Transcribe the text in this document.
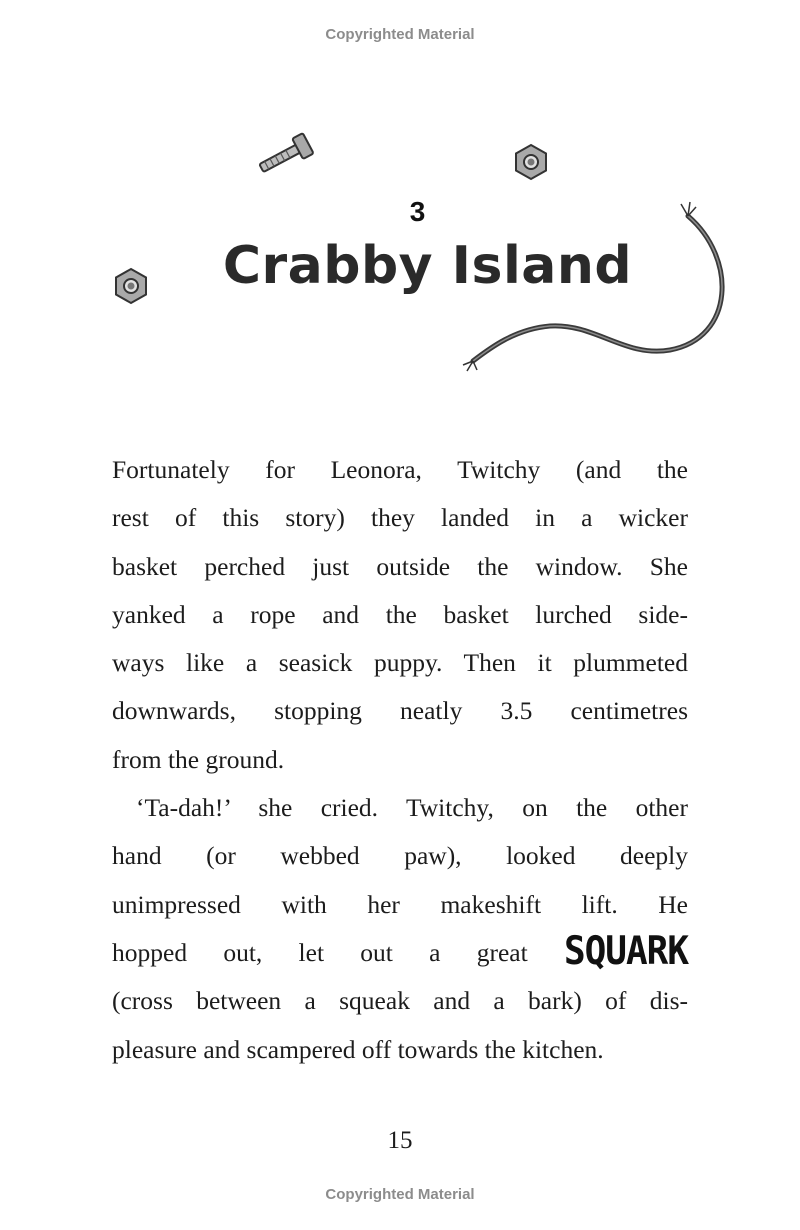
Copyrighted Material
3
Crabby Island

Fortunately for Leonora, Twitchy (and the

rest of this story) they landed in a wicker

basket perched just outside the window. She

yanked a rope and the basket lurched side-

ways like a seasick puppy. Then it plummeted

downwards, stopping neatly 3.5 centimetres

from the ground.

‘Ta-dah!’ she cried. Twitchy, on the other

hand (or webbed paw), looked deeply

unimpressed with her makeshift lift. He

hopped out, let out a great SQUARK

(cross between a squeak and a bark) of dis-

pleasure and scampered off towards the kitchen.

15
Copyrighted Material
